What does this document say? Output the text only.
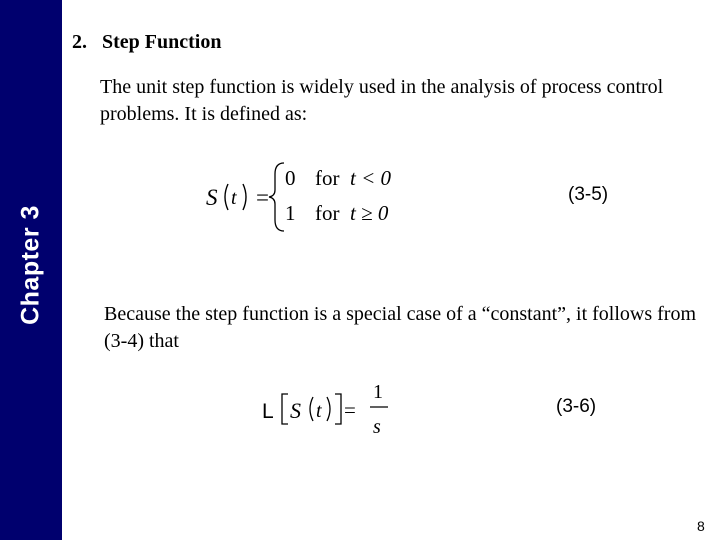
Chapter 3
2. Step Function
The unit step function is widely used in the analysis of process control problems. It is defined as:
S t =
0 for t < 0
1 for t ≥ 0
(3-5)
Because the step function is a special case of a “constant”, it follows from (3-4) that
L S t =
1
s
(3-6)
8
